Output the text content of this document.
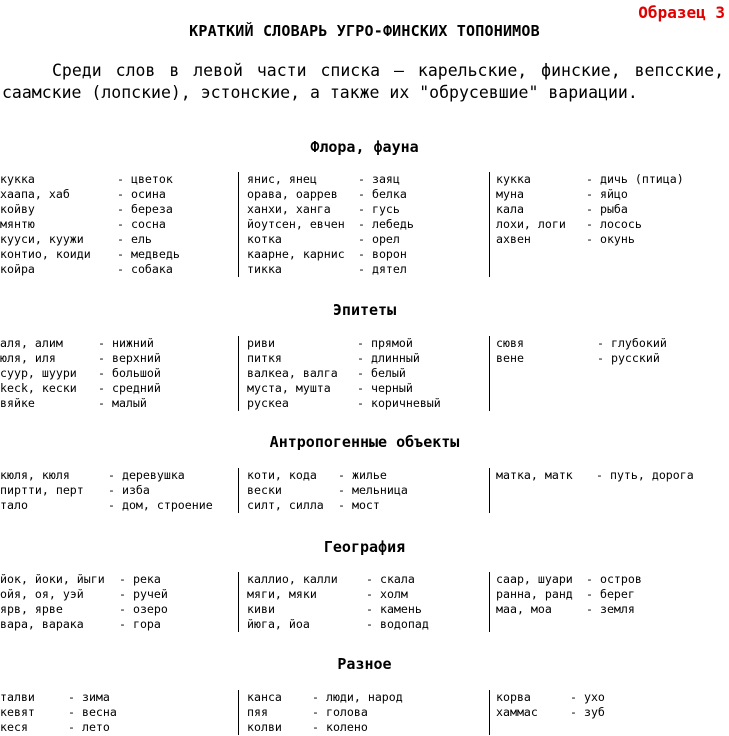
Образец 3
КРАТКИЙ СЛОВАРЬ УГРО-ФИНСКИХ ТОПОНИМОВ
Среди слов в левой части списка – карельские, финские, вепсские, саамские (лопские), эстонские, а также их "обрусевшие" вариации.
Флора, фауна
кукка	- цветок
хаапа, хаб	- осина
койву	- береза
мянтю	- сосна
кууси, куужи	- ель
контио, коиди	- медведь
койра	- собака
янис, янец	- заяц
орава, оаррев	- белка
ханхи, ханга	- гусь
йоутсен, евчен	- лебедь
котка	- орел
каарне, карнис	- ворон
тикка	- дятел
кукка	- дичь (птица)
муна	- яйцо
кала	- рыба
лохи, логи	- лосось
ахвен	- окунь
Эпитеты
аля, алим	- нижний
юля, иля	- верхний
суур, шуури	- большой
keck, кески	- средний
вяйке	- малый
риви	- прямой
питкя	- длинный
валкеа, валга	- белый
муста, мушта	- черный
рускеа	- коричневый
сювя	- глубокий
вене	- русский
Антропогенные объекты
кюля, кюля	- деревушка
пиртти, перт	- изба
тало	- дом, строение
коти, кода	- жилье
вески	- мельница
силт, силла	- мост
матка, матк	- путь, дорога
География
йок, йоки, йыги	- река
ойя, оя, уэй	- ручей
ярв, ярве	- озеро
вара, варака	- гора
каллио, калли	- скала
мяги, мяки	- холм
киви	- камень
йюга, йоа	- водопад
саар, шуари	- остров
ранна, ранд	- берег
маа, моа	- земля
Разное
талви	- зима
кевят	- весна
кеся	- лето
канса	- люди, народ
пяя	- голова
колви	- колено
корва	- ухо
хаммас	- зуб
